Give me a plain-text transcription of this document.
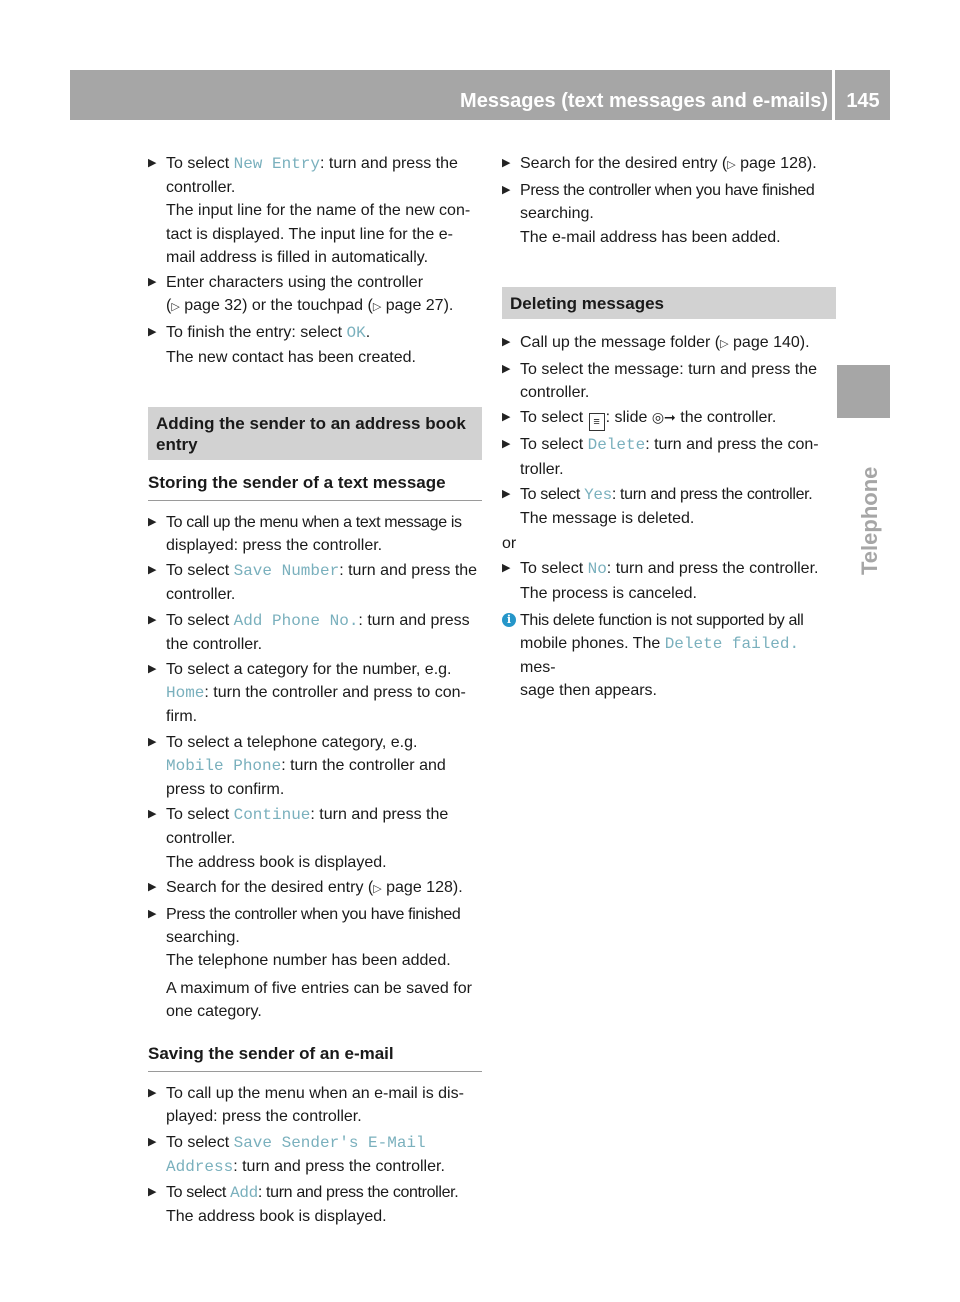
Messages (text messages and e-mails) 145
Telephone
▶ To select New Entry: turn and press the

controller.

The input line for the name of the new con-

tact is displayed. The input line for the e-

mail address is filled in automatically.

▶ Enter characters using the controller

(▷ page 32) or the touchpad (▷ page 27).

▶ To finish the entry: select OK.

The new contact has been created.

Adding the sender to an address book

entry

Storing the sender of a text message
▶ To call up the menu when a text message is

displayed: press the controller.

▶ To select Save Number: turn and press the

controller.

▶ To select Add Phone No.: turn and press

the controller.

▶ To select a category for the number, e.g.

Home: turn the controller and press to con-

firm.

▶ To select a telephone category, e.g.

Mobile Phone: turn the controller and

press to confirm.

▶ To select Continue: turn and press the

controller.

The address book is displayed.

▶ Search for the desired entry (▷ page 128).

▶ Press the controller when you have finished

searching.

The telephone number has been added.

A maximum of five entries can be saved for

one category.

Saving the sender of an e-mail
▶ To call up the menu when an e-mail is dis-

played: press the controller.

▶ To select Save Sender's E-Mail

Address: turn and press the controller.

▶ To select Add: turn and press the controller.

The address book is displayed.

▶ Search for the desired entry (▷ page 128).

▶ Press the controller when you have finished

searching.

The e-mail address has been added.

Deleting messages
▶ Call up the message folder (▷ page 140).

▶ To select the message: turn and press the

controller.

▶ To select ≡ : slide ◎➞ the controller.

▶ To select Delete: turn and press the con-

troller.

▶ To select Yes: turn and press the controller.

The message is deleted.

or

▶ To select No: turn and press the controller.

The process is canceled.

i This delete function is not supported by all

mobile phones. The Delete failed. mes-

sage then appears.
